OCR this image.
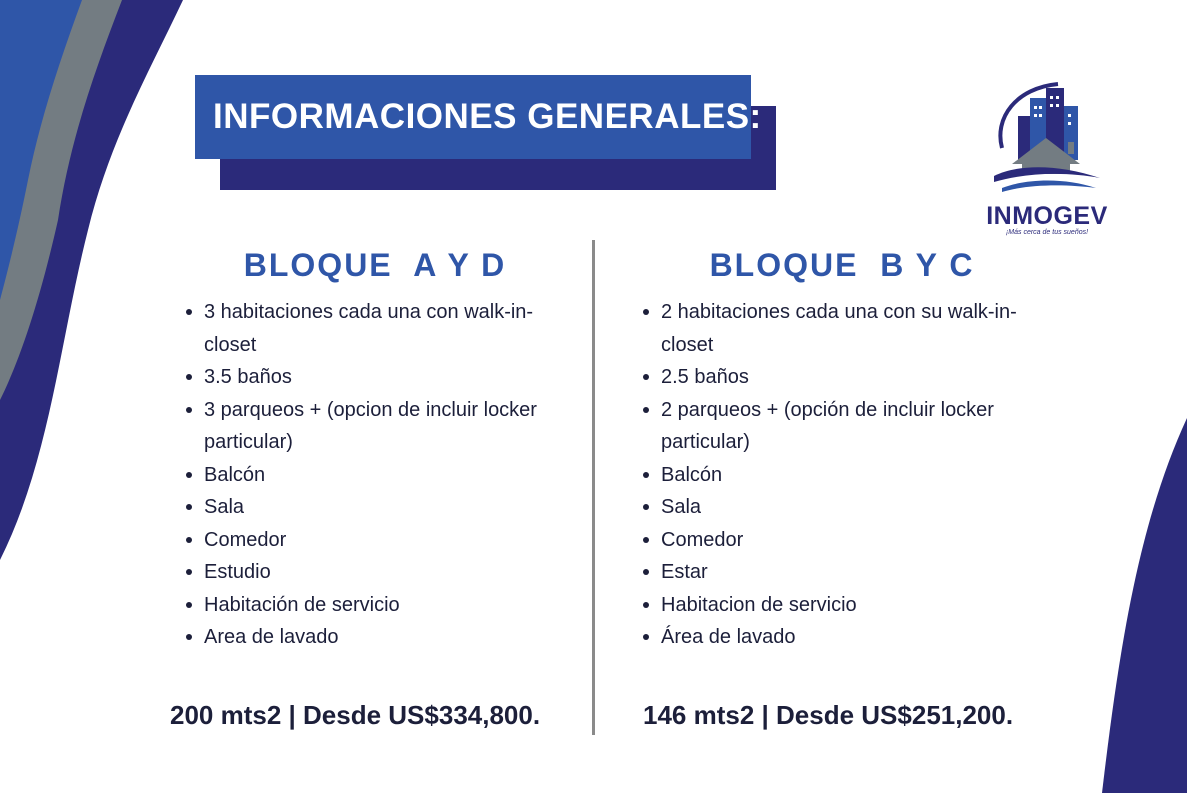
INFORMACIONES GENERALES:
INMOGEV
¡Más cerca de tus sueños!
BLOQUE  A Y D
3 habitaciones cada una con walk-in-closet
3.5 baños
3 parqueos + (opcion de incluir locker particular)
Balcón
Sala
Comedor
Estudio
Habitación de servicio
Area de lavado
200 mts2 | Desde US$334,800.
BLOQUE  B Y C
2 habitaciones cada una con su walk-in-closet
2.5 baños
2 parqueos + (opción de incluir locker particular)
Balcón
Sala
Comedor
Estar
Habitacion de servicio
Área de lavado
146 mts2 | Desde US$251,200.
